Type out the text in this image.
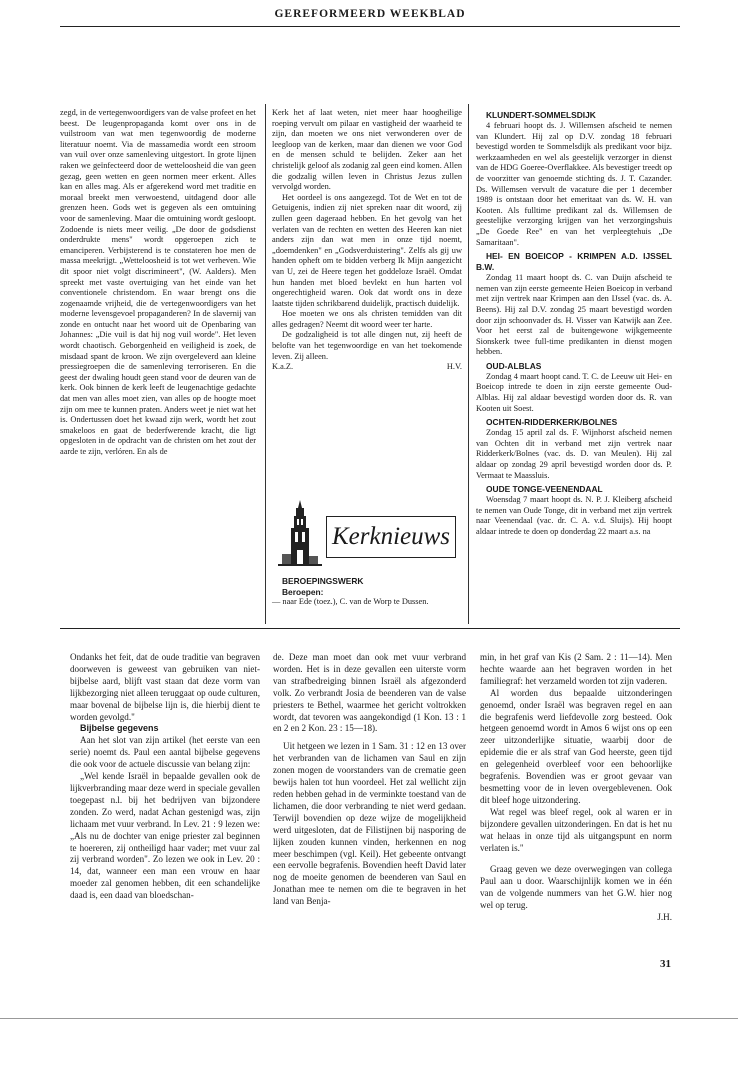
GEREFORMEERD WEEKBLAD

zegd, in de vertegenwoordigers van de valse profeet en het beest. De leugenpropaganda komt over ons in de vuilstroom van wat men tegenwoordig de moderne literatuur noemt. Via de massamedia wordt een stroom van vuil over onze samenleving uitgestort. In grote lijnen raken we geïnfecteerd door de wetteloosheid die van geen gezag, geen wetten en geen normen meer erkent. Alles kan en alles mag. Als er afgerekend word met traditie en moraal breekt men verwoestend, uitdagend door alle grenzen heen. Gods wet is gegeven als een omtuining voor de samenleving. Maar die omtuining wordt gesloopt. Zodoende is niets meer veilig. „De door de godsdienst onderdrukte mens" wordt opgeroepen zich te emanciperen. Verbijsterend is te constateren hoe men de massa meekrijgt. „Wetteloosheid is tot wet verheven. Wie dit spoor niet volgt discrimineert", (W. Aalders). Men spreekt met vaste overtuiging van het einde van het conventionele christendom. En waar brengt ons die zogenaamde vrijheid, die de vertegenwoordigers van het moderne levensgevoel propaganderen? In de slavernij van zonde en ontucht naar het woord uit de Openbaring van Johannes: „Die vuil is dat hij nog vuil worde". Het leven wordt chaotisch. Geborgenheid en veiligheid is zoek, de misdaad spant de kroon. We zijn overgeleverd aan kleine pressiegroepen die de samenleving terroriseren. En die geest der dwaling houdt geen stand voor de deuren van de kerk. Ook binnen de kerk leeft de leugenachtige gedachte dat men van alles moet zien, van alles op de hoogte moet zijn om mee te kunnen praten. Anders weet je niet wat het is. Ondertussen doet het kwaad zijn werk, wordt het zout smakeloos en gaat de bederfwerende kracht, die ligt opgesloten in de opdracht van de christen om het zout der aarde te zijn, verlóren. En als de

Kerk het af laat weten, niet meer haar hoogheilige roeping vervult om pilaar en vastigheid der waarheid te zijn, dan moeten we ons niet verwonderen over de leegloop van de kerken, maar dan dienen we voor God en de mensen schuld te belijden. Zeker aan het christelijk geloof als zodanig zal geen eind komen. Allen die godzalig willen leven in Christus Jezus zullen vervolgd worden.

Het oordeel is ons aangezegd. Tot de Wet en tot de Getuigenis, indien zij niet spreken naar dit woord, zij zullen geen dageraad hebben. En het gevolg van het verlaten van de rechten en wetten des Heeren kan niet anders zijn dan wat men in onze tijd noemt, „doemdenken" en „Godsverduistering". Zelfs als gij uw handen opheft om te bidden verberg Ik Mijn aangezicht van U, zei de Heere tegen het goddeloze Israël. Omdat hun handen met bloed bevlekt en hun harten vol ongerechtigheid waren. Ook dat wordt ons in deze laatste tijden schrikbarend duidelijk, practisch duidelijk.

Hoe moeten we ons als christen temidden van dit alles gedragen? Neemt dit woord weer ter harte.

De godzaligheid is tot alle dingen nut, zij heeft de belofte van het tegenwoordige en van het toekomende leven. Zij alleen.

K.a.Z.	H.V.
Kerknieuws

BEROEPINGSWERK

Beroepen:

— naar Ede (toez.), C. van de Worp te Dussen.

KLUNDERT-SOMMELSDIJK

4 februari hoopt ds. J. Willemsen afscheid te nemen van Klundert. Hij zal op D.V. zondag 18 februari bevestigd worden te Sommelsdijk als predikant voor bijz. werkzaamheden en wel als geestelijk verzorger in dienst van de HDG Goeree-Overflakkee. Als bevestiger treedt op de voorzitter van genoemde stichting ds. J. T. Cazander. Ds. Willemsen vervult de vacature die per 1 december 1989 is ontstaan door het emeritaat van ds. W. H. van Kooten. Als fulltime predikant zal ds. Willemsen de geestelijke verzorging krijgen van het verzorgingshuis „De Goede Ree" en van het verpleegtehuis „De Samaritaan".

HEI- EN BOEICOP - KRIMPEN A.D. IJSSEL B.W.

Zondag 11 maart hoopt ds. C. van Duijn afscheid te nemen van zijn eerste gemeente Heien Boeicop in verband met zijn vertrek naar Krimpen aan den IJssel (vac. ds. A. Beens). Hij zal D.V. zondag 25 maart bevestigd worden door zijn schoonvader ds. H. Visser van Katwijk aan Zee. Voor het eerst zal de buitengewone wijkgemeente Sionskerk twee full-time predikanten in dienst mogen hebben.

OUD-ALBLAS

Zondag 4 maart hoopt cand. T. C. de Leeuw uit Hei- en Boeicop intrede te doen in zijn eerste gemeente Oud-Alblas. Hij zal aldaar bevestigd worden door ds. R. van Kooten uit Soest.

OCHTEN-RIDDERKERK/BOLNES

Zondag 15 april zal ds. F. Wijnhorst afscheid nemen van Ochten dit in verband met zijn vertrek naar Ridderkerk/Bolnes (vac. ds. D. van Meulen). Hij zal aldaar op zondag 29 april bevestigd worden door ds. P. Vermaat te Maassluis.

OUDE TONGE-VEENENDAAL

Woensdag 7 maart hoopt ds. N. P. J. Kleiberg afscheid te nemen van Oude Tonge, dit in verband met zijn vertrek naar Veenendaal (vac. dr. C. A. v.d. Sluijs). Hij hoopt aldaar intrede te doen op donderdag 22 maart a.s. na

Ondanks het feit, dat de oude traditie van begraven doorweven is geweest van gebruiken van niet-bijbelse aard, blijft vast staan dat deze vorm van lijkbezorging niet alleen teruggaat op oude culturen, maar bovenal de bijbelse lijn is, die hierbij dient te worden gevolgd."

Bijbelse gegevens

Aan het slot van zijn artikel (het eerste van een serie) noemt ds. Paul een aantal bijbelse gegevens die ook voor de actuele discussie van belang zijn:

„Wel kende Israël in bepaalde gevallen ook de lijkverbranding maar deze werd in speciale gevallen toegepast n.l. bij het bedrijven van bijzondere zonden. Zo werd, nadat Achan gestenigd was, zijn lichaam met vuur verbrand. In Lev. 21 : 9 lezen we: „Als nu de dochter van enige priester zal beginnen te hoereren, zij ontheiligd haar vader; met vuur zal zij verbrand worden". Zo lezen we ook in Lev. 20 : 14, dat, wanneer een man een vrouw en haar moeder zal genomen hebben, dit een schandelijke daad is, een daad van bloedschan-

de. Deze man moet dan ook met vuur verbrand worden. Het is in deze gevallen een uiterste vorm van strafbedreiging binnen Israël als afgezonderd volk. Zo verbrandt Josia de beenderen van de valse priesters te Bethel, waarmee het gericht voltrokken wordt, dat tevoren was aangekondigd (1 Kon. 13 : 1 en 2 en 2 Kon. 23 : 15—18).

Uit hetgeen we lezen in 1 Sam. 31 : 12 en 13 over het verbranden van de lichamen van Saul en zijn zonen mogen de voorstanders van de crematie geen bewijs halen tot hun voordeel. Het zal wellicht zijn reden hebben gehad in de verminkte toestand van de lichamen, die door verbranding te niet werd gedaan. Terwijl bovendien op deze wijze de mogelijkheid werd uitgesloten, dat de Filistijnen bij nasporing de lijken zouden kunnen vinden, herkennen en nog meer beschimpen (vgl. Keil). Het gebeente ontvangt een eervolle begrafenis. Bovendien heeft David later nog de moeite genomen de beenderen van Saul en Jonathan mee te nemen om die te begraven in het land van Benja-

min, in het graf van Kis (2 Sam. 2 : 11—14). Men hechte waarde aan het begraven worden in het familiegraf: het verzameld worden tot zijn vaderen.

Al worden dus bepaalde uitzonderingen genoemd, onder Israël was begraven regel en aan die begrafenis werd liefdevolle zorg besteed. Ook hetgeen genoemd wordt in Amos 6 wijst ons op een zeer uitzonderlijke situatie, waarbij door de epidemie die er als straf van God heerste, geen tijd en gelegenheid overbleef voor een behoorlijke begrafenis. Bovendien was er groot gevaar van besmetting voor de in leven overgeblevenen. Ook dit bleef hoge uitzondering.

Wat regel was bleef regel, ook al waren er in bijzondere gevallen uitzonderingen. En dat is het nu wat helaas in onze tijd als uitgangspunt en norm verlaten is."

Graag geven we deze overwegingen van collega Paul aan u door. Waarschijnlijk komen we in één van de volgende nummers van het G.W. hier nog wel op terug.

J.H.

31
